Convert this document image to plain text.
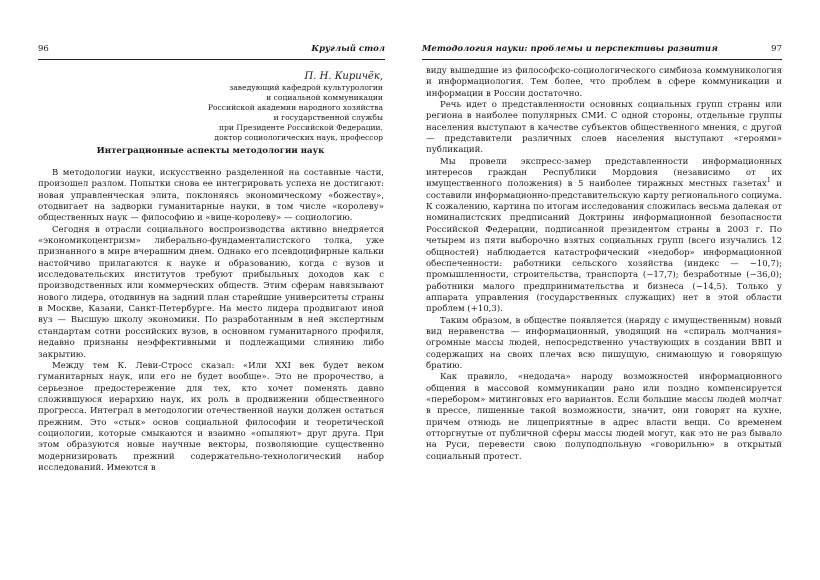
96	Круглый стол
П. Н. Киричёк,
заведующий кафедрой культурологии
и социальной коммуникации
Российской академии народного хозяйства
и государственной службы
при Президенте Российской Федерации,
доктор социологических наук, профессор
Интеграционные аспекты методологии наук

В методологии науки, искусственно разделенной на составные части, произошел разлом. Попытки снова ее интегрировать успеха не достигают: новая управленческая элита, поклоняясь экономическому «божеству», отодвигает на задворки гуманитарные науки, в том числе «королеву» общественных наук — философию и «вице-королеву» — социологию.

Сегодня в отрасли социального воспроизводства активно внедряется «экономикоцентризм» либерально-фундаменталистского толка, уже признанного в мире вчерашним днем. Однако его псевдоцифирные кальки настойчиво прилагаются к науке и образованию, когда с вузов и исследовательских институтов требуют прибыльных доходов как с производственных или коммерческих обществ. Этим сферам навязывают нового лидера, отодвинув на задний план старейшие университеты страны в Москве, Казани, Санкт-Петербурге. На место лидера продвигают иной вуз — Высшую школу экономики. По разработанным в ней экспертным стандартам сотни российских вузов, в основном гуманитарного профиля, недавно признаны неэффективными и подлежащими слиянию либо закрытию.

Между тем К. Леви-Стросс сказал: «Или XXI век будет веком гуманитарных наук, или его не будет вообще». Это не пророчество, а серьезное предостережение для тех, кто хочет поменять давно сложившуюся иерархию наук, их роль в продвижении общественного прогресса. Интеграл в методологии отечественной науки должен остаться прежним. Это «стык» основ социальной философии и теоретической социологии, которые смыкаются и взаимно «опыляют» друг друга. При этом образуются новые научные векторы, позволяющие существенно модернизировать прежний содержательно-технологический набор исследований. Имеются в

Методология науки: проблемы и перспективы развития	97

виду вышедшие из философско-социологического симбиоза коммуникология и информациология. Тем более, что проблем в сфере коммуникации и информации в России достаточно.

Речь идет о представленности основных социальных групп страны или региона в наиболее популярных СМИ. С одной стороны, отдельные группы населения выступают в качестве субъектов общественного мнения, с другой — представители различных слоев населения выступают «героями» публикаций.

Мы провели экспресс-замер представленности информационных интересов граждан Республики Мордовия (независимо от их имущественного положения) в 5 наиболее тиражных местных газетах$^1$ и составили информационно-представительскую карту регионального социума. К сожалению, картина по итогам исследования сложилась весьма далекая от номиналистских предписаний Доктрины информационной безопасности Российской Федерации, подписанной президентом страны в 2003 г. По четырем из пяти выборочно взятых социальных групп (всего изучались 12 общностей) наблюдается катастрофический «недобор» информационной обеспеченности: работники сельского хозяйства (индекс — −10,7); промышленности, строительства, транспорта (−17,7); безработные (−36,0); работники малого предпринимательства и бизнеса (−14,5). Только у аппарата управления (государственных служащих) нет в этой области проблем (+10,3).

Таким образом, в обществе появляется (наряду с имущественным) новый вид неравенства — информационный, уводящий на «спираль молчания» огромные массы людей, непосредственно участвующих в создании ВВП и содержащих на своих плечах всю пишущую, снимающую и говорящую братию.

Как правило, «недодача» народу возможностей информационного общения в массовой коммуникации рано или поздно компенсируется «перебором» митинговых его вариантов. Если большие массы людей молчат в прессе, лишенные такой возможности, значит, они говорят на кухне, причем отнюдь не лицеприятные в адрес власти вещи. Со временем отторгнутые от публичной сферы массы людей могут, как это не раз бывало на Руси, перевести свою полуподпольную «говорильню» в открытый социальный протест.
